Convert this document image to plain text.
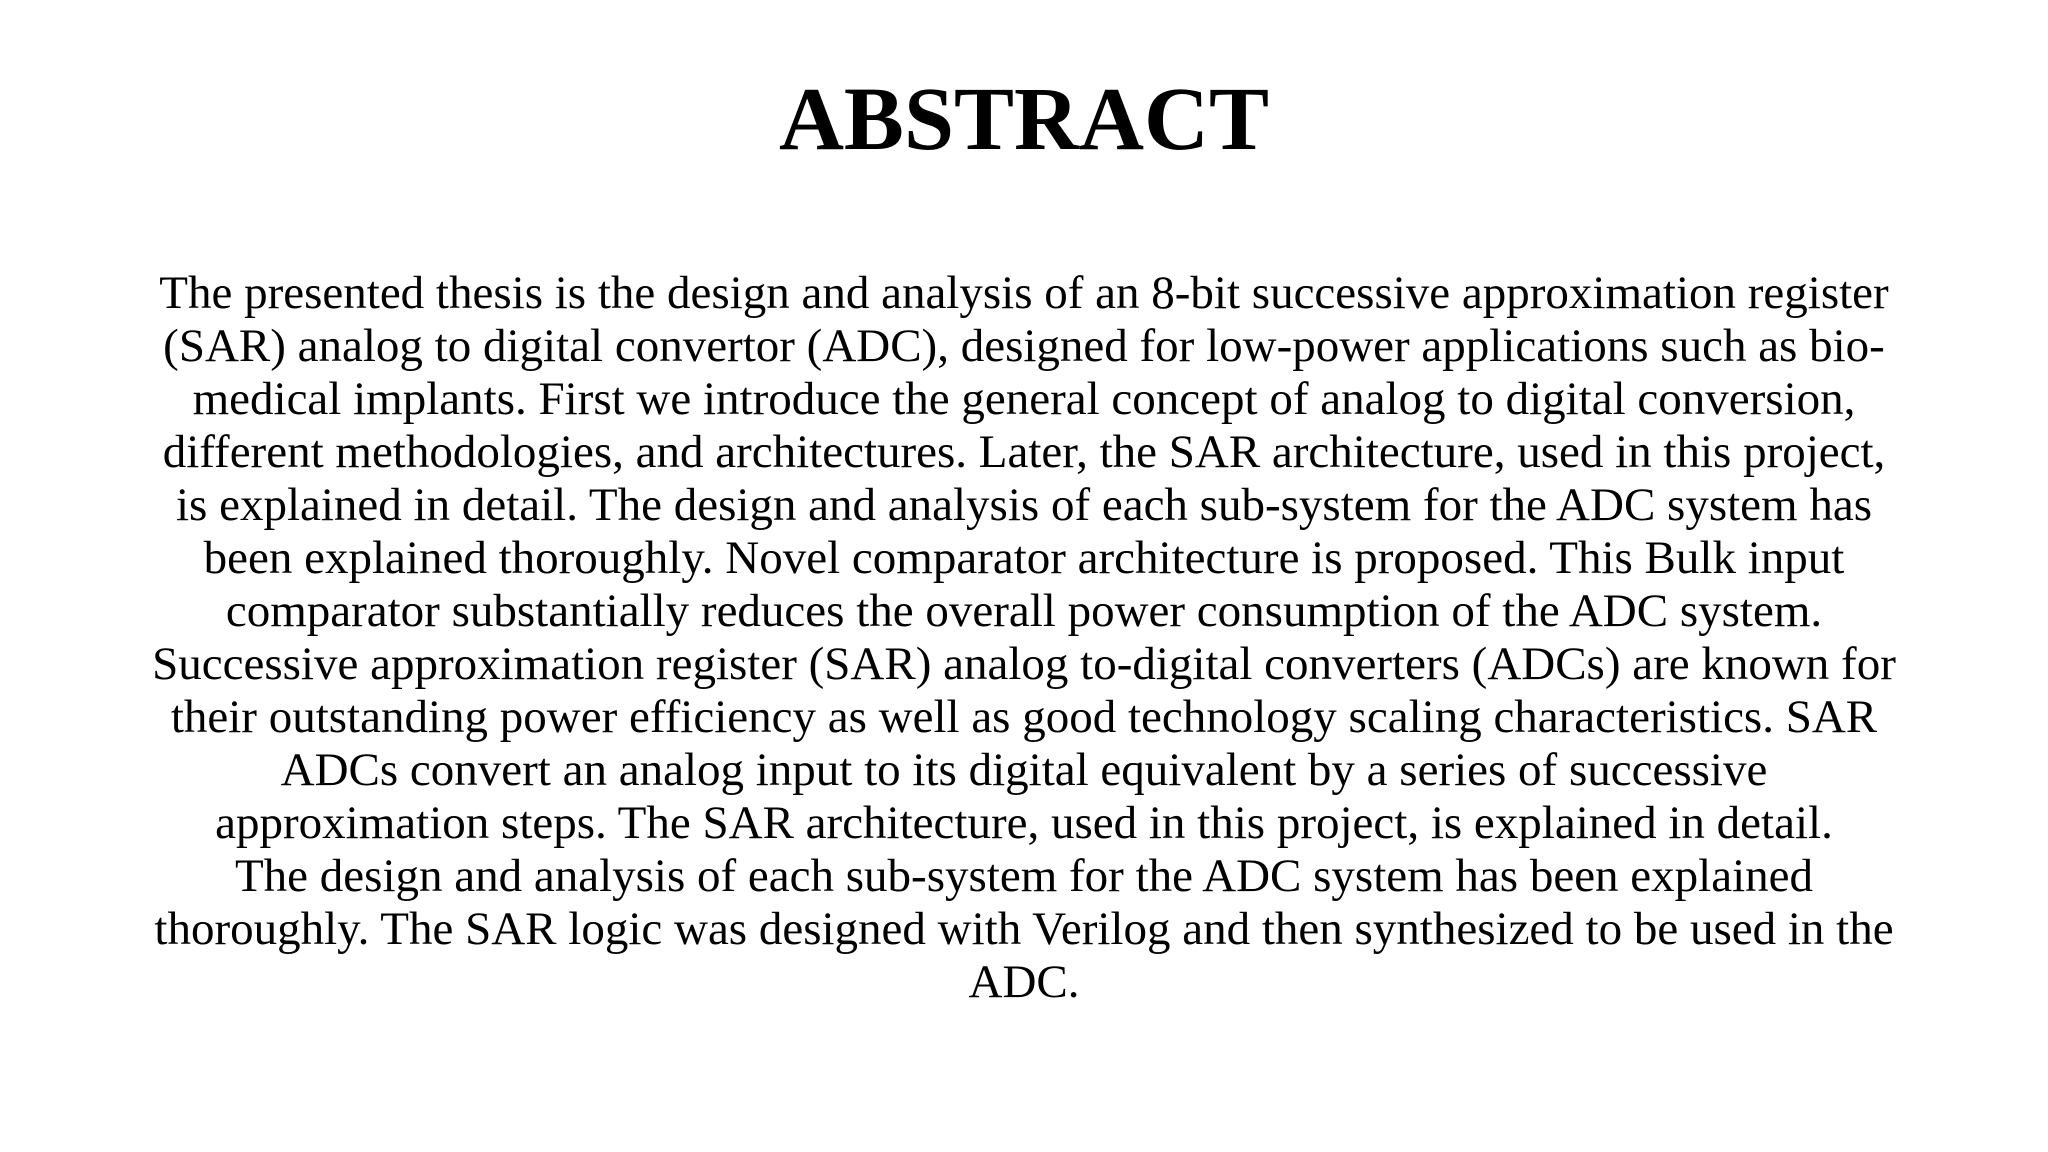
ABSTRACT

The presented thesis is the design and analysis of an 8-bit successive approximation register (SAR) analog to digital convertor (ADC), designed for low-power applications such as bio-medical implants. First we introduce the general concept of analog to digital conversion, different methodologies, and architectures. Later, the SAR architecture, used in this project, is explained in detail. The design and analysis of each sub-system for the ADC system has been explained thoroughly. Novel comparator architecture is proposed. This Bulk input comparator substantially reduces the overall power consumption of the ADC system. Successive approximation register (SAR) analog to-digital converters (ADCs) are known for their outstanding power efficiency as well as good technology scaling characteristics. SAR ADCs convert an analog input to its digital equivalent by a series of successive approximation steps. The SAR architecture, used in this project, is explained in detail.

The design and analysis of each sub-system for the ADC system has been explained thoroughly. The SAR logic was designed with Verilog and then synthesized to be used in the ADC.
